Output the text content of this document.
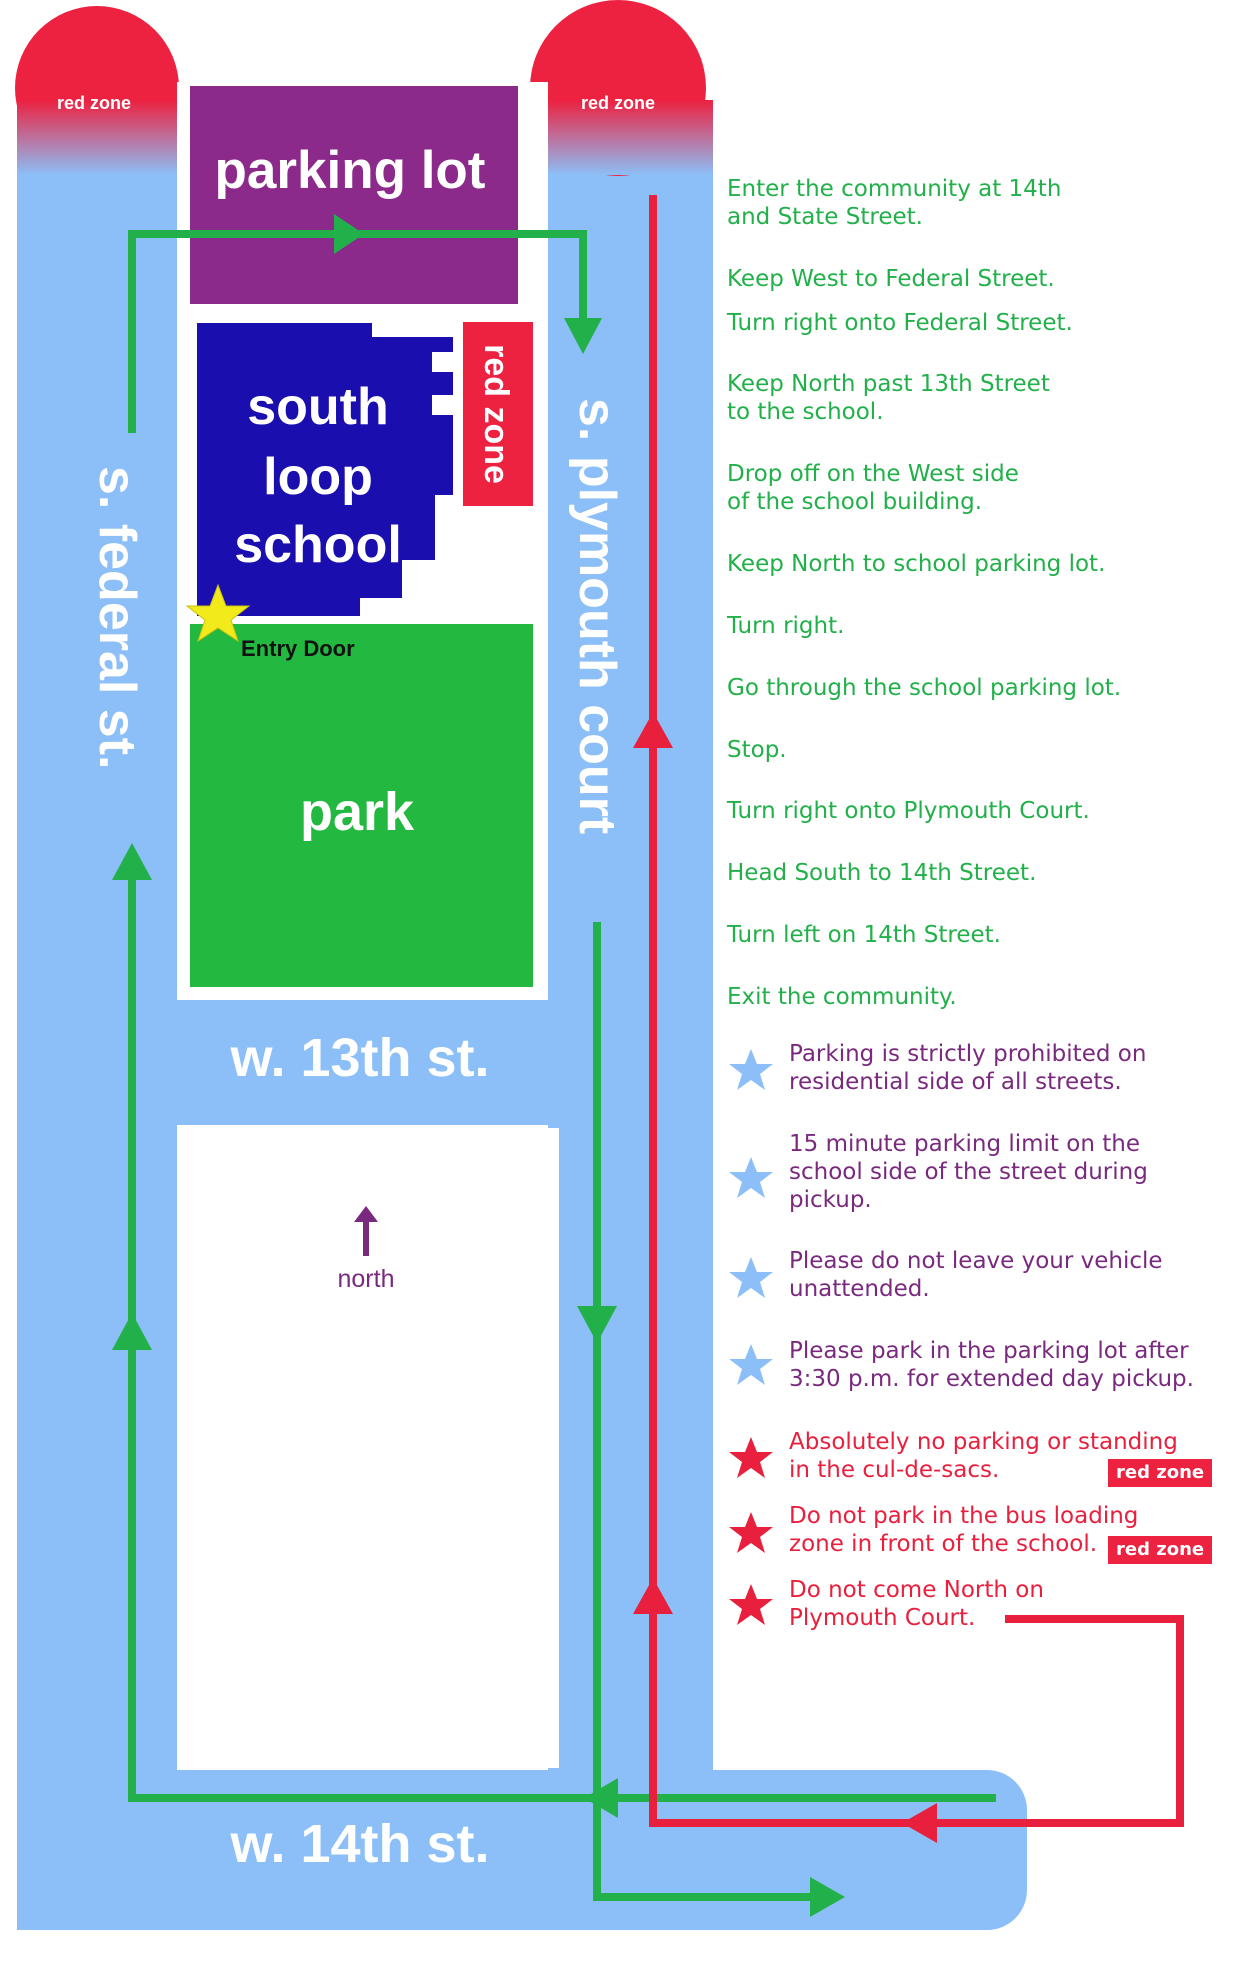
red zone	red zone
parking lot
south
loop
school
red zone
Entry Door
park
s. federal st.	s. plymouth court
w. 13th st.
w. 14th st.
north

Enter the community at 14th
and State Street.

Keep West to Federal Street.

Turn right onto Federal Street.

Keep North past 13th Street
to the school.

Drop off on the West side
of the school building.

Keep North to school parking lot.

Turn right.

Go through the school parking lot.

Stop.

Turn right onto Plymouth Court.

Head South to 14th Street.

Turn left on 14th Street.

Exit the community.

Parking is strictly prohibited on
residential side of all streets.

15 minute parking limit on the
school side of the street during
pickup.

Please do not leave your vehicle
unattended.

Please park in the parking lot after
3:30 p.m. for extended day pickup.

Absolutely no parking or standing
in the cul-de-sacs.	red zone

Do not park in the bus loading
zone in front of the school.	red zone

Do not come North on
Plymouth Court.
